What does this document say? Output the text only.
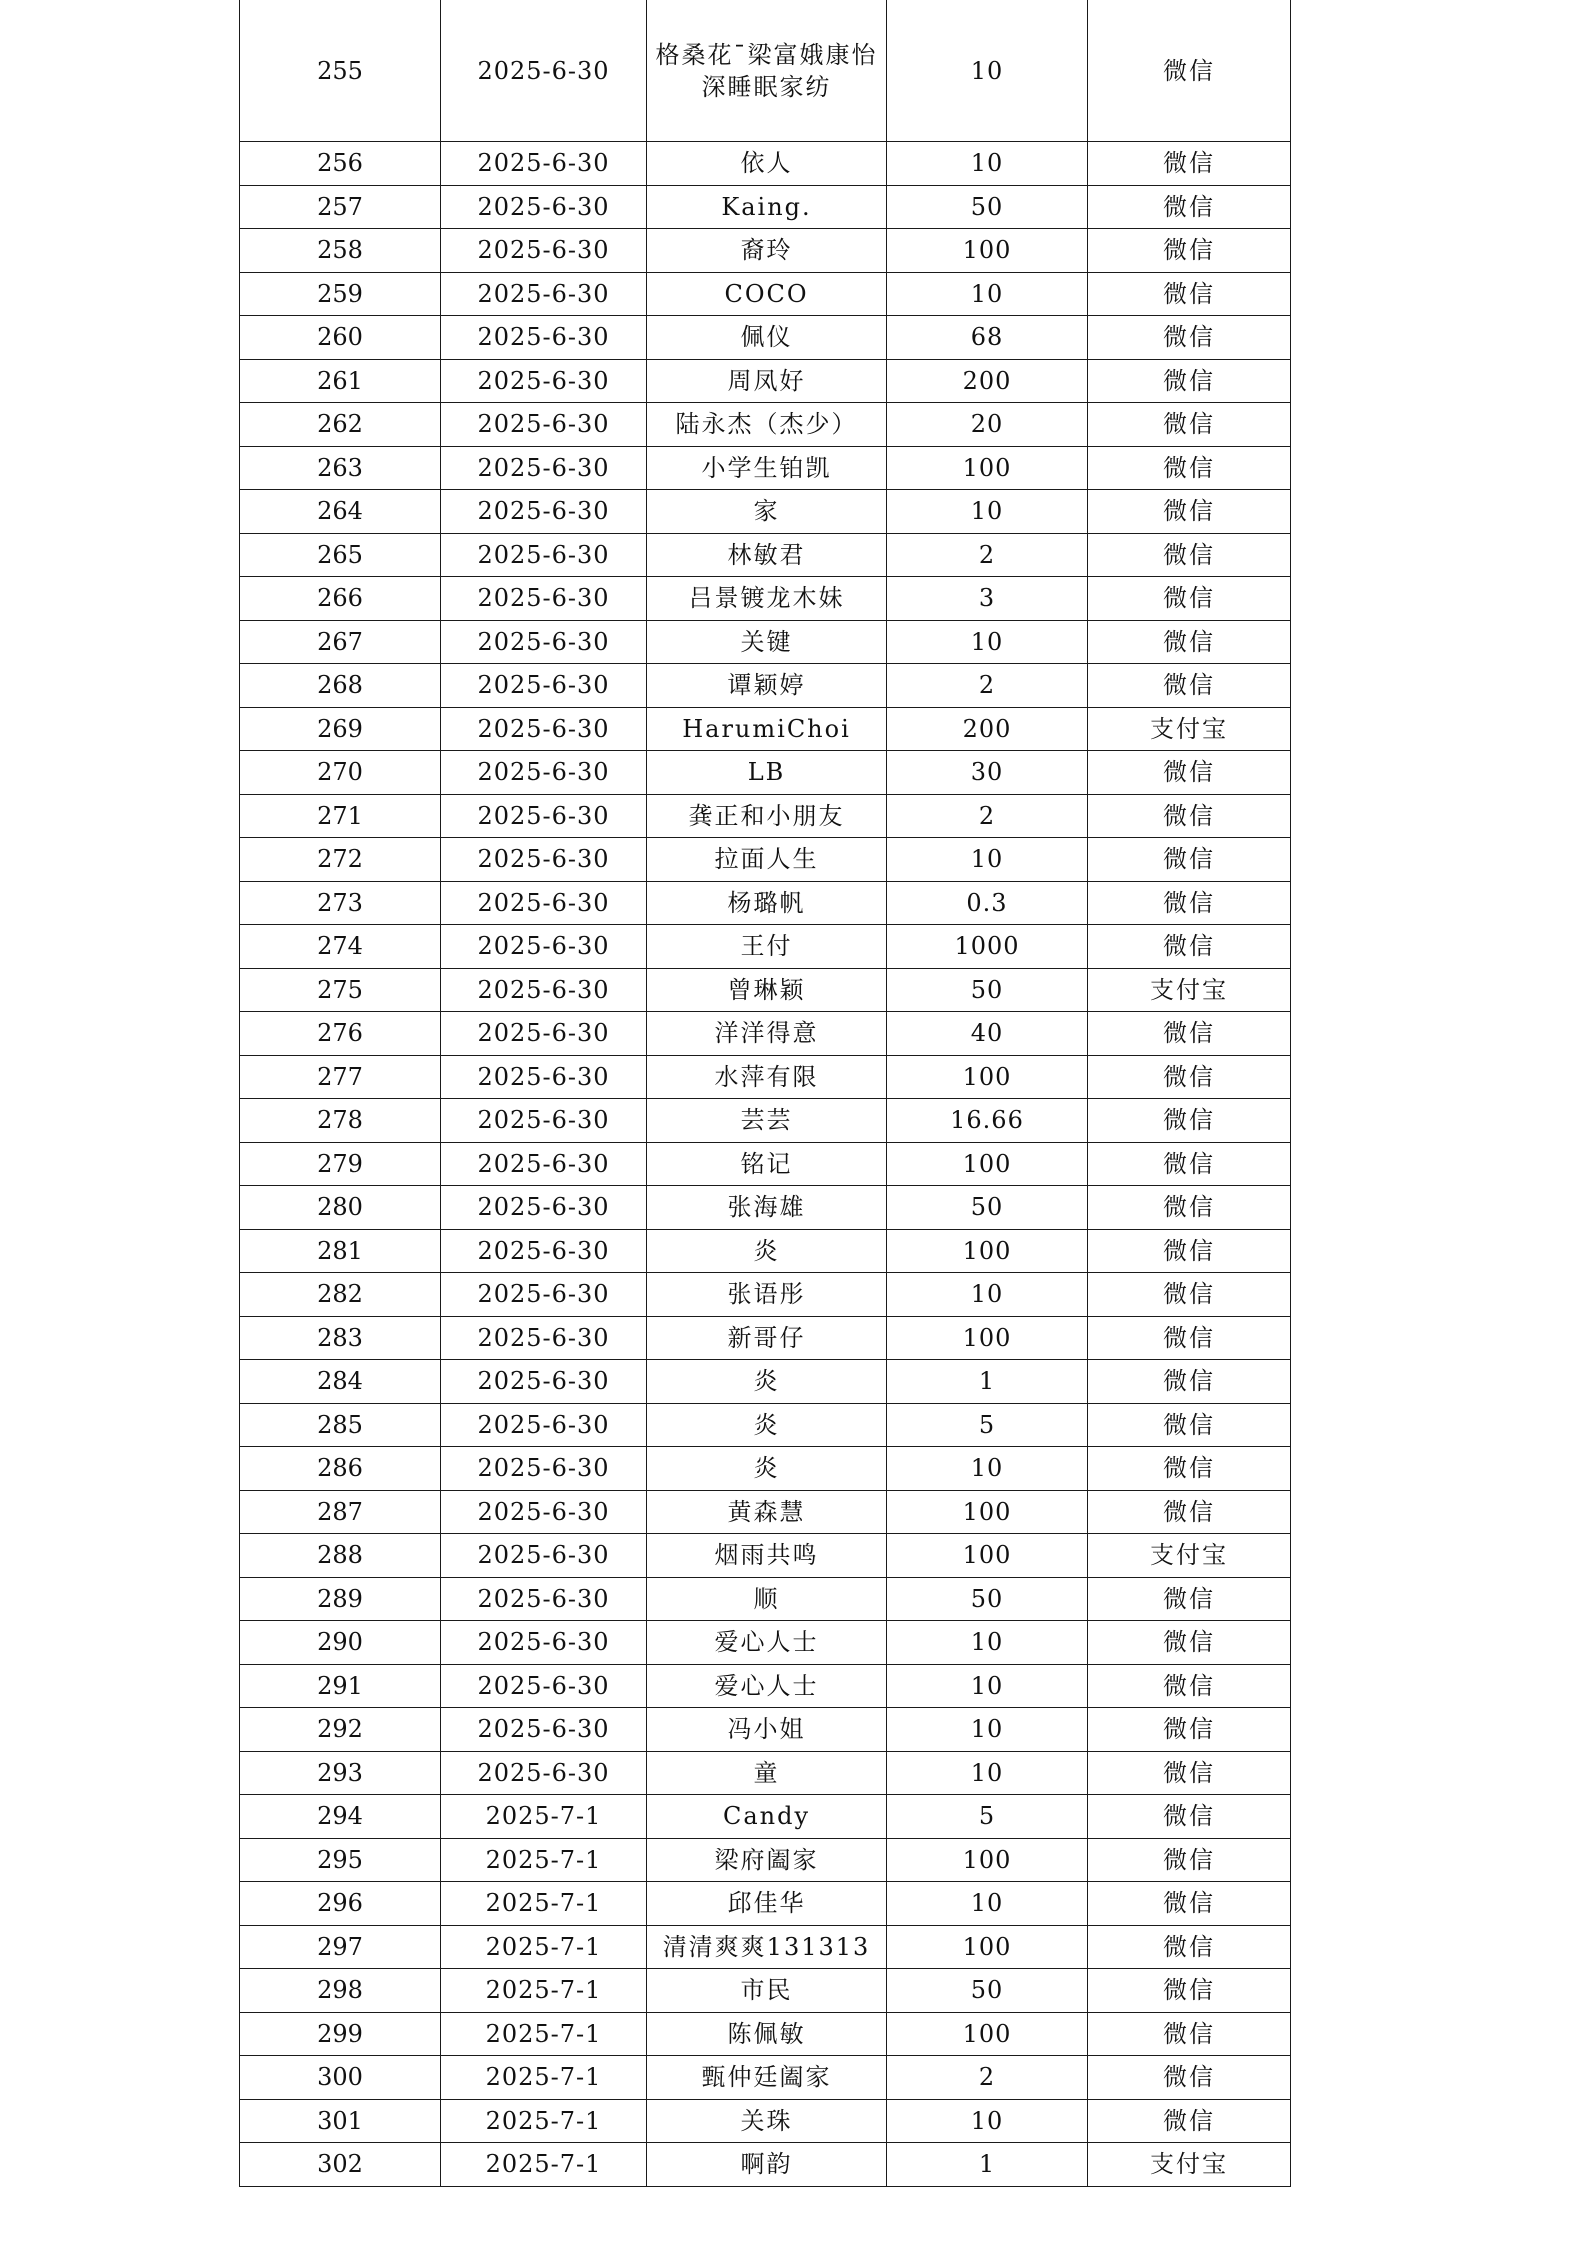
255	2025-6-30	格桑花¯梁富娥康怡深睡眠家纺	10	微信
256	2025-6-30	依人	10	微信
257	2025-6-30	Kaing.	50	微信
258	2025-6-30	裔玲	100	微信
259	2025-6-30	COCO	10	微信
260	2025-6-30	佩仪	68	微信
261	2025-6-30	周凤好	200	微信
262	2025-6-30	陆永杰（杰少）	20	微信
263	2025-6-30	小学生铂凯	100	微信
264	2025-6-30	家	10	微信
265	2025-6-30	林敏君	2	微信
266	2025-6-30	吕景镀龙木妹	3	微信
267	2025-6-30	关键	10	微信
268	2025-6-30	谭颖婷	2	微信
269	2025-6-30	HarumiChoi	200	支付宝
270	2025-6-30	LB	30	微信
271	2025-6-30	龚正和小朋友	2	微信
272	2025-6-30	拉面人生	10	微信
273	2025-6-30	杨璐帆	0.3	微信
274	2025-6-30	王付	1000	微信
275	2025-6-30	曾琳颖	50	支付宝
276	2025-6-30	洋洋得意	40	微信
277	2025-6-30	水萍有限	100	微信
278	2025-6-30	芸芸	16.66	微信
279	2025-6-30	铭记	100	微信
280	2025-6-30	张海雄	50	微信
281	2025-6-30	炎	100	微信
282	2025-6-30	张语彤	10	微信
283	2025-6-30	新哥仔	100	微信
284	2025-6-30	炎	1	微信
285	2025-6-30	炎	5	微信
286	2025-6-30	炎	10	微信
287	2025-6-30	黄森慧	100	微信
288	2025-6-30	烟雨共鸣	100	支付宝
289	2025-6-30	顺	50	微信
290	2025-6-30	爱心人士	10	微信
291	2025-6-30	爱心人士	10	微信
292	2025-6-30	冯小姐	10	微信
293	2025-6-30	童	10	微信
294	2025-7-1	Candy	5	微信
295	2025-7-1	梁府阖家	100	微信
296	2025-7-1	邱佳华	10	微信
297	2025-7-1	清清爽爽131313	100	微信
298	2025-7-1	市民	50	微信
299	2025-7-1	陈佩敏	100	微信
300	2025-7-1	甄仲廷阖家	2	微信
301	2025-7-1	关珠	10	微信
302	2025-7-1	啊韵	1	支付宝
